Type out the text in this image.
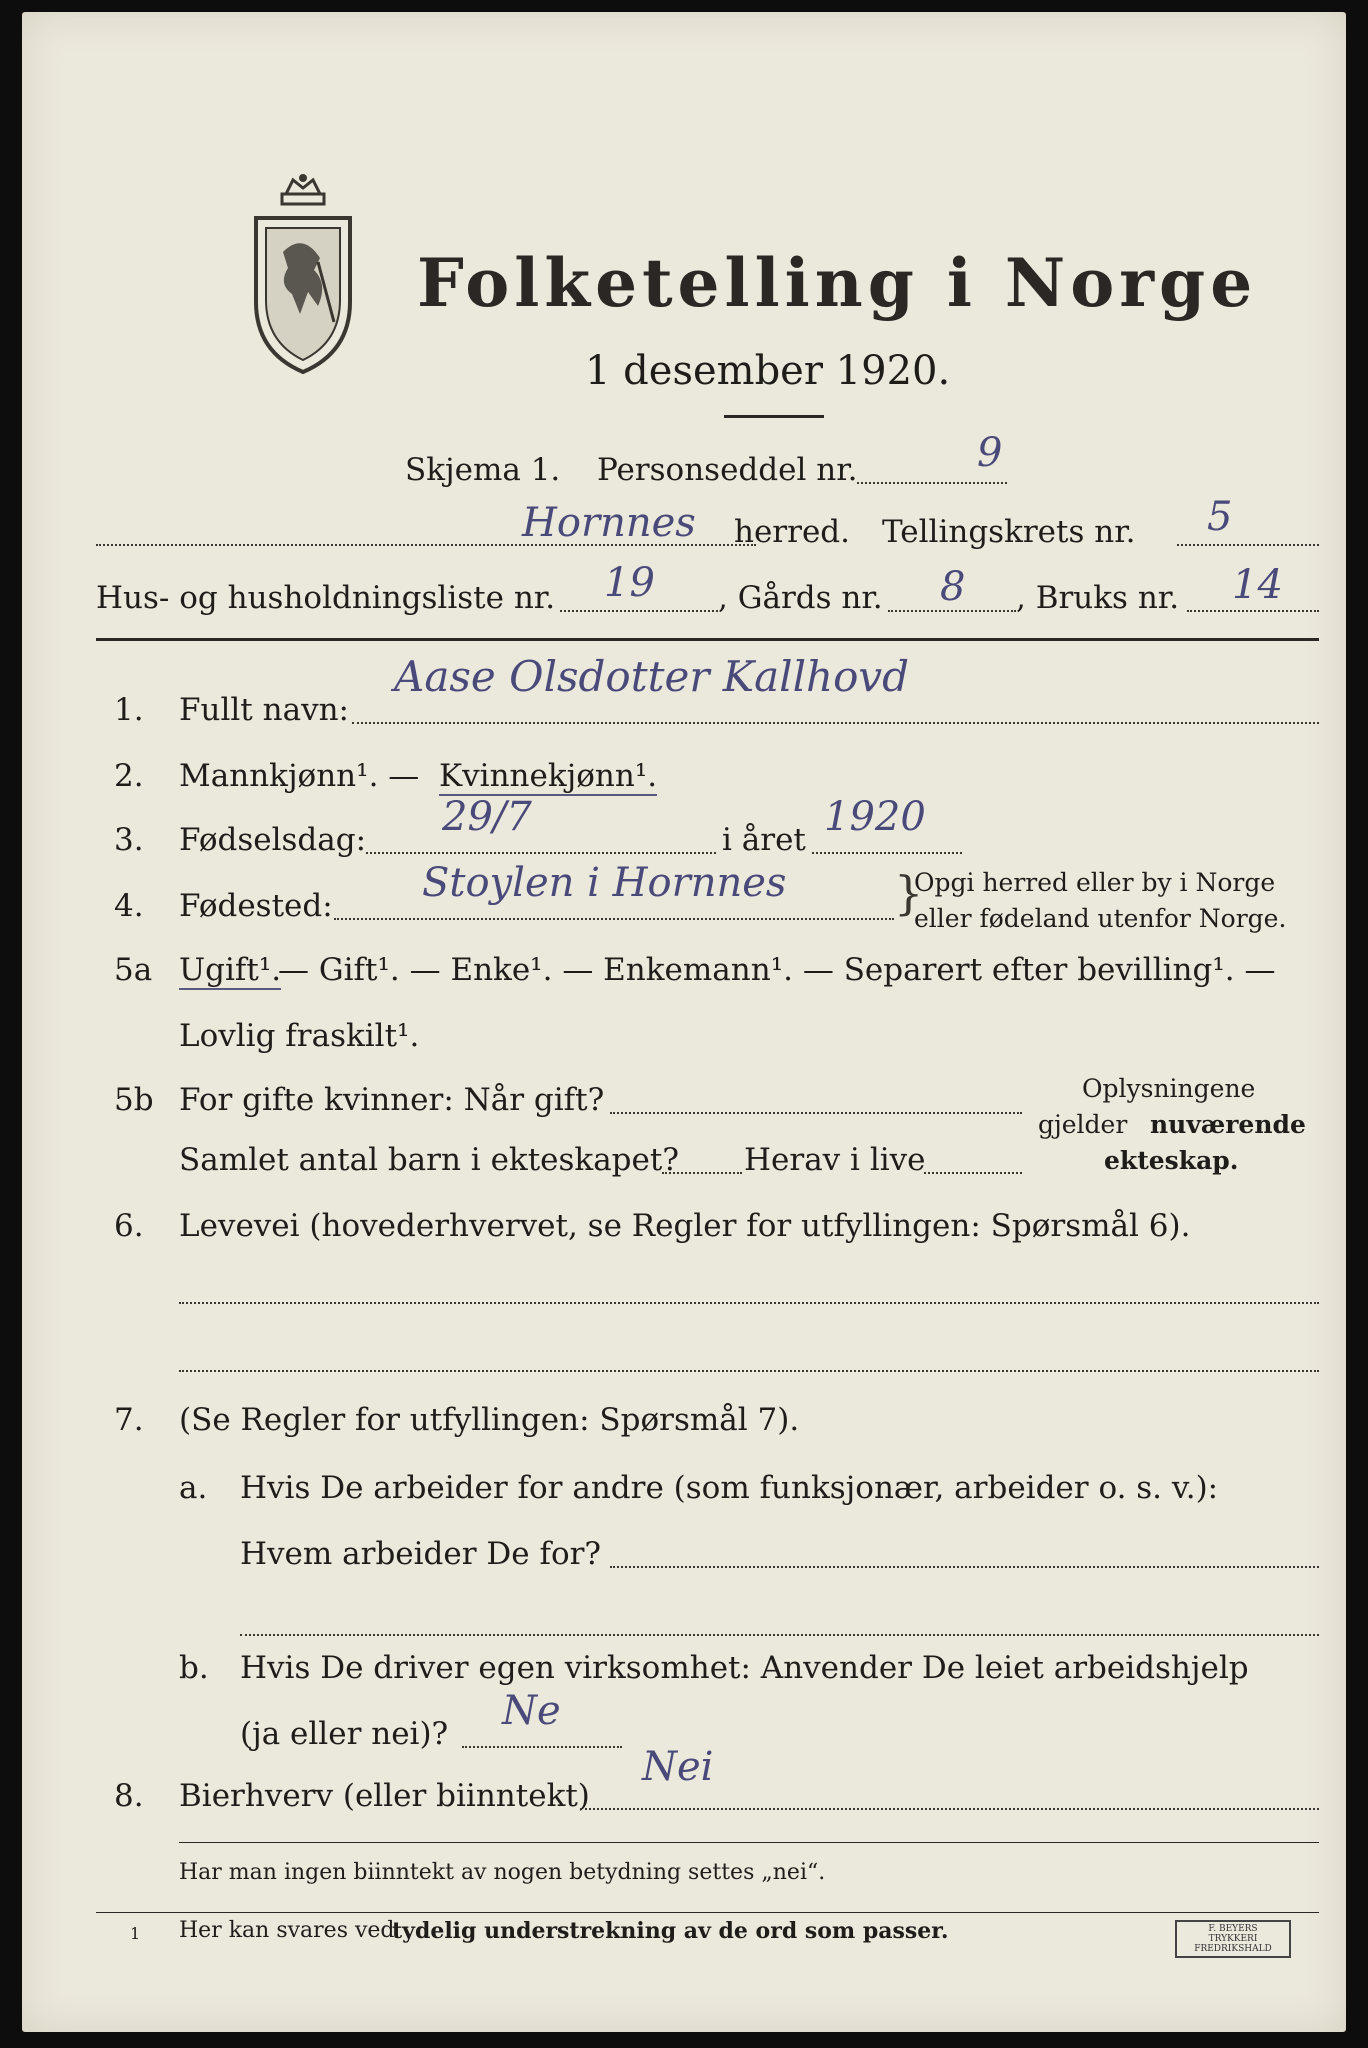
Folketelling i Norge
1 desember 1920.
Skjema 1. Personseddel nr.	9
Hornnes herred. Tellingskrets nr. 5
Hus- og husholdningsliste nr. 19 , Gårds nr. 8 , Bruks nr. 14
1. Fullt navn:
Aase Olsdotter Kallhovd
2. Mannkjønn¹. — Kvinnekjønn¹.
3. Fødselsdag: 29/7	i året 1920
4. Fødested: Stoylen i Hornnes }
Opgi herred eller by i Norge
eller fødeland utenfor Norge.
5a Ugift¹.
— Gift¹. — Enke¹. — Enkemann¹. — Separert efter bevilling¹. —
Lovlig fraskilt¹.
5b For gifte kvinner: Når gift?
Samlet antal barn i ekteskapet? Herav i live
Oplysningene
gjelder nuværende
ekteskap.
6. Levevei (hovederhvervet, se Regler for utfyllingen: Spørsmål 6).
7. (Se Regler for utfyllingen: Spørsmål 7).
a. Hvis De arbeider for andre (som funksjonær, arbeider o. s. v.):
Hvem arbeider De for?
b. Hvis De driver egen virksomhet: Anvender De leiet arbeidshjelp
(ja eller nei)? Ne
8. Bierhverv (eller biinntekt)
Nei
Har man ingen biinntekt av nogen betydning settes „nei“.
1 Her kan svares ved
tydelig understrekning av de ord som passer.	F. BEYERS TRYKKERI FREDRIKSHALD
